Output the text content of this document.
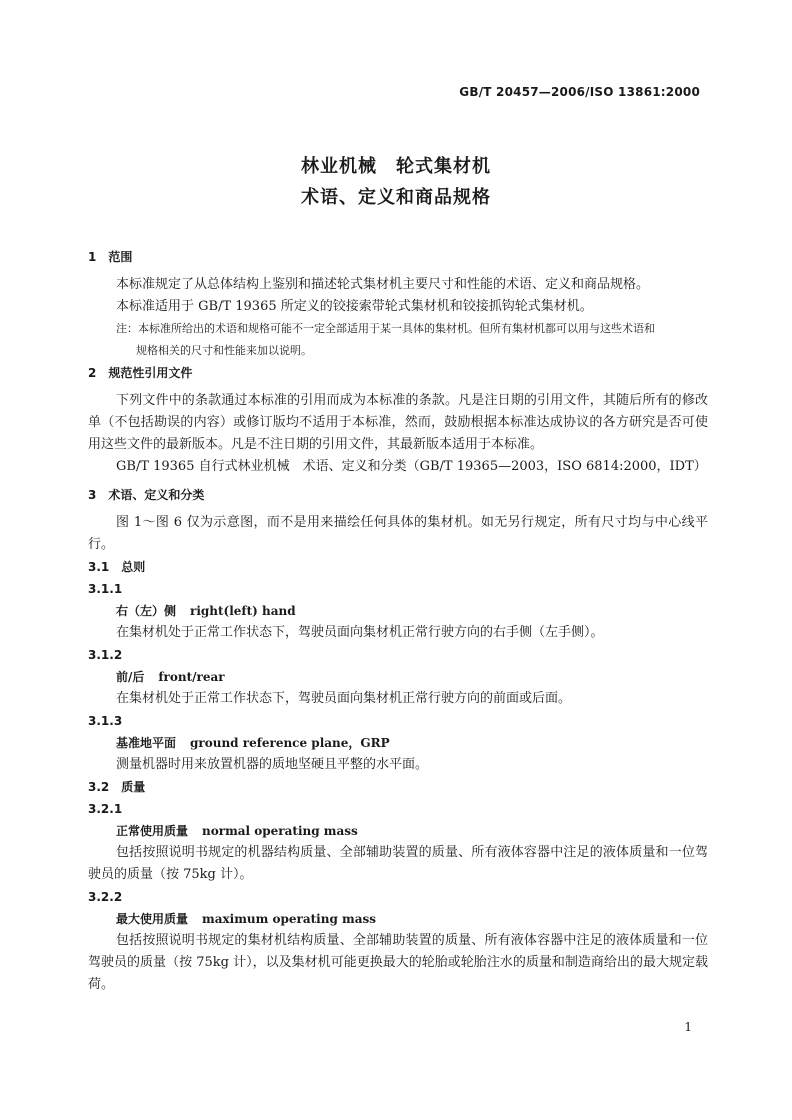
GB/T 20457—2006/ISO 13861:2000
林业机械　轮式集材机
术语、定义和商品规格

1　范围

本标准规定了从总体结构上鉴别和描述轮式集材机主要尺寸和性能的术语、定义和商品规格。

本标准适用于 GB/T 19365 所定义的铰接索带轮式集材机和铰接抓钩轮式集材机。

注：本标准所给出的术语和规格可能不一定全部适用于某一具体的集材机。但所有集材机都可以用与这些术语和

规格相关的尺寸和性能来加以说明。

2　规范性引用文件

下列文件中的条款通过本标准的引用而成为本标准的条款。凡是注日期的引用文件，其随后所有的修改单（不包括勘误的内容）或修订版均不适用于本标准，然而，鼓励根据本标准达成协议的各方研究是否可使用这些文件的最新版本。凡是不注日期的引用文件，其最新版本适用于本标准。

GB/T 19365 自行式林业机械　术语、定义和分类（GB/T 19365—2003，ISO 6814:2000，IDT）

3　术语、定义和分类

图 1～图 6 仅为示意图，而不是用来描绘任何具体的集材机。如无另行规定，所有尺寸均与中心线平行。

3.1　总则

3.1.1

右（左）侧 right(left) hand

在集材机处于正常工作状态下，驾驶员面向集材机正常行驶方向的右手侧（左手侧）。

3.1.2

前/后 front/rear

在集材机处于正常工作状态下，驾驶员面向集材机正常行驶方向的前面或后面。

3.1.3

基准地平面 ground reference plane，GRP

测量机器时用来放置机器的质地坚硬且平整的水平面。

3.2　质量

3.2.1

正常使用质量 normal operating mass

包括按照说明书规定的机器结构质量、全部辅助装置的质量、所有液体容器中注足的液体质量和一位驾驶员的质量（按 75kg 计）。

3.2.2

最大使用质量 maximum operating mass

包括按照说明书规定的集材机结构质量、全部辅助装置的质量、所有液体容器中注足的液体质量和一位驾驶员的质量（按 75kg 计），以及集材机可能更换最大的轮胎或轮胎注水的质量和制造商给出的最大规定载荷。

1
